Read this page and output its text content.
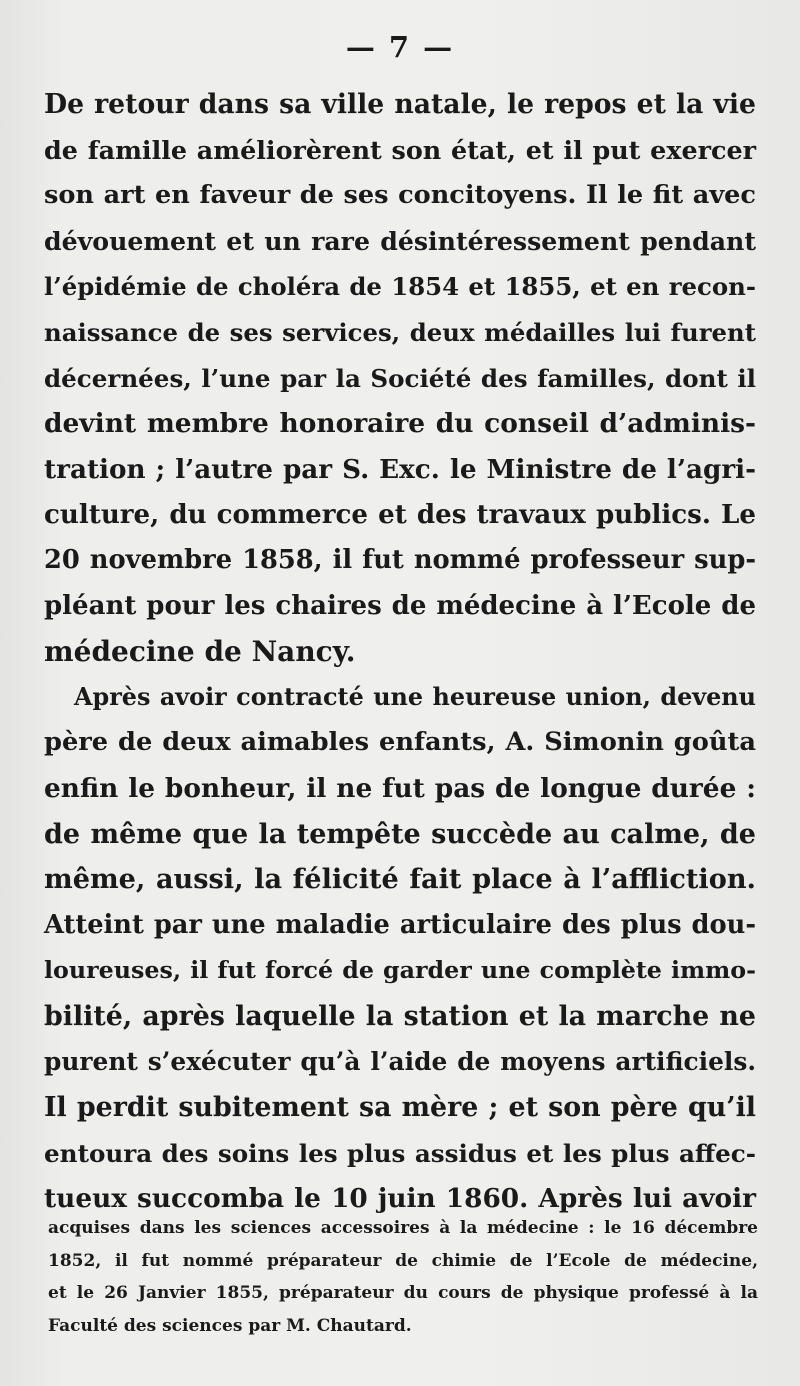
— 7 —
De retour dans sa ville natale, le repos et la vie
de famille améliorèrent son état, et il put exercer
son art en faveur de ses concitoyens. Il le fit avec
dévouement et un rare désintéressement pendant
l’épidémie de choléra de 1854 et 1855, et en recon-
naissance de ses services, deux médailles lui furent
décernées, l’une par la Société des familles, dont il
devint membre honoraire du conseil d’adminis-
tration ; l’autre par S. Exc. le Ministre de l’agri-
culture, du commerce et des travaux publics. Le
20 novembre 1858, il fut nommé professeur sup-
pléant pour les chaires de médecine à l’Ecole de
médecine de Nancy.
Après avoir contracté une heureuse union, devenu
père de deux aimables enfants, A. Simonin goûta
enfin le bonheur, il ne fut pas de longue durée :
de même que la tempête succède au calme, de
même, aussi, la félicité fait place à l’affliction.
Atteint par une maladie articulaire des plus dou-
loureuses, il fut forcé de garder une complète immo-
bilité, après laquelle la station et la marche ne
purent s’exécuter qu’à l’aide de moyens artificiels.
Il perdit subitement sa mère ; et son père qu’il
entoura des soins les plus assidus et les plus affec-
tueux succomba le 10 juin 1860. Après lui avoir
acquises dans les sciences accessoires à la médecine : le 16 décembre
1852, il fut nommé préparateur de chimie de l’Ecole de médecine,
et le 26 Janvier 1855, préparateur du cours de physique professé à la
Faculté des sciences par M. Chautard.
